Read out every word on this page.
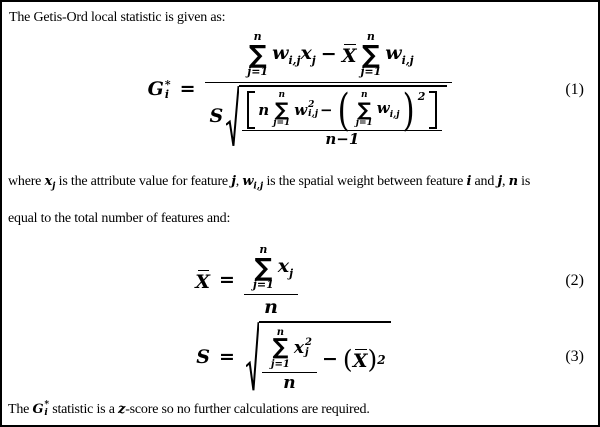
The Getis-Ord local statistic is given as:

G *
i =
n
∑
j=1
$w_{i,j}x_j - X$
n
∑
j=1
$w_{i,j}$
S n
n
∑
j=1
w 2
i,j − ( n
∑
j=1
$w_{i,j}$ ) 2
n−1
(1)

where $x_j$ is the attribute value for feature j, $w_{i,j}$ is the spatial weight between feature i and j, n is
equal to the total number of features and:

X = n
∑
j=1
$x_j$
n	(2)
S =
n
∑
j=1
x 2
j
n
− ( X ) 2	(3)

The G *
i statistic is a z-score so no further calculations are required.
